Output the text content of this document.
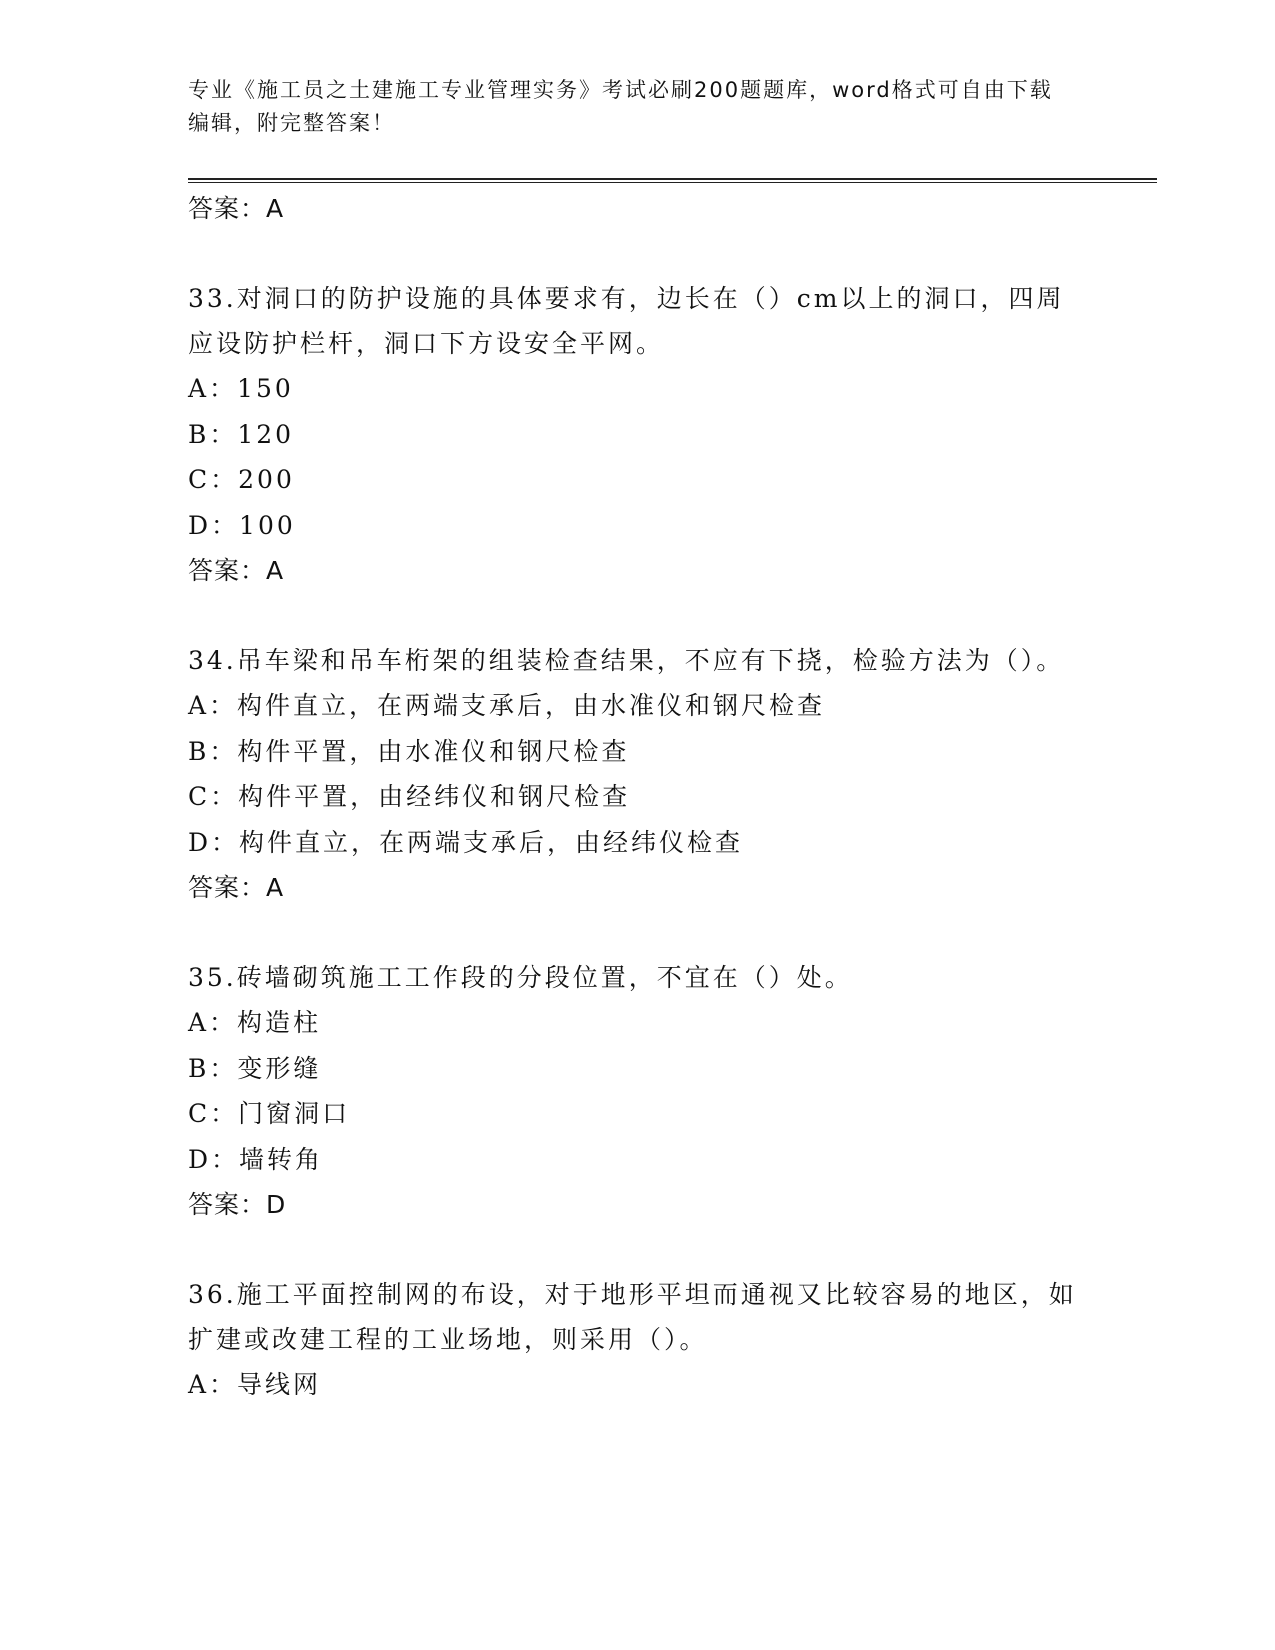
专业《施工员之土建施工专业管理实务》考试必刷200题题库，word格式可自由下载编辑，附完整答案！
答案：A

33.对洞口的防护设施的具体要求有，边长在（）cm以上的洞口，四周应设防护栏杆，洞口下方设安全平网。

A：150
B：120
C：200
D：100
答案：A

34.吊车梁和吊车桁架的组装检查结果，不应有下挠，检验方法为（）。

A：构件直立，在两端支承后，由水准仪和钢尺检查
B：构件平置，由水准仪和钢尺检查
C：构件平置，由经纬仪和钢尺检查
D：构件直立，在两端支承后，由经纬仪检查
答案：A

35.砖墙砌筑施工工作段的分段位置，不宜在（）处。

A：构造柱
B：变形缝
C：门窗洞口
D：墙转角
答案：D

36.施工平面控制网的布设，对于地形平坦而通视又比较容易的地区，如扩建或改建工程的工业场地，则采用（）。

A：导线网
